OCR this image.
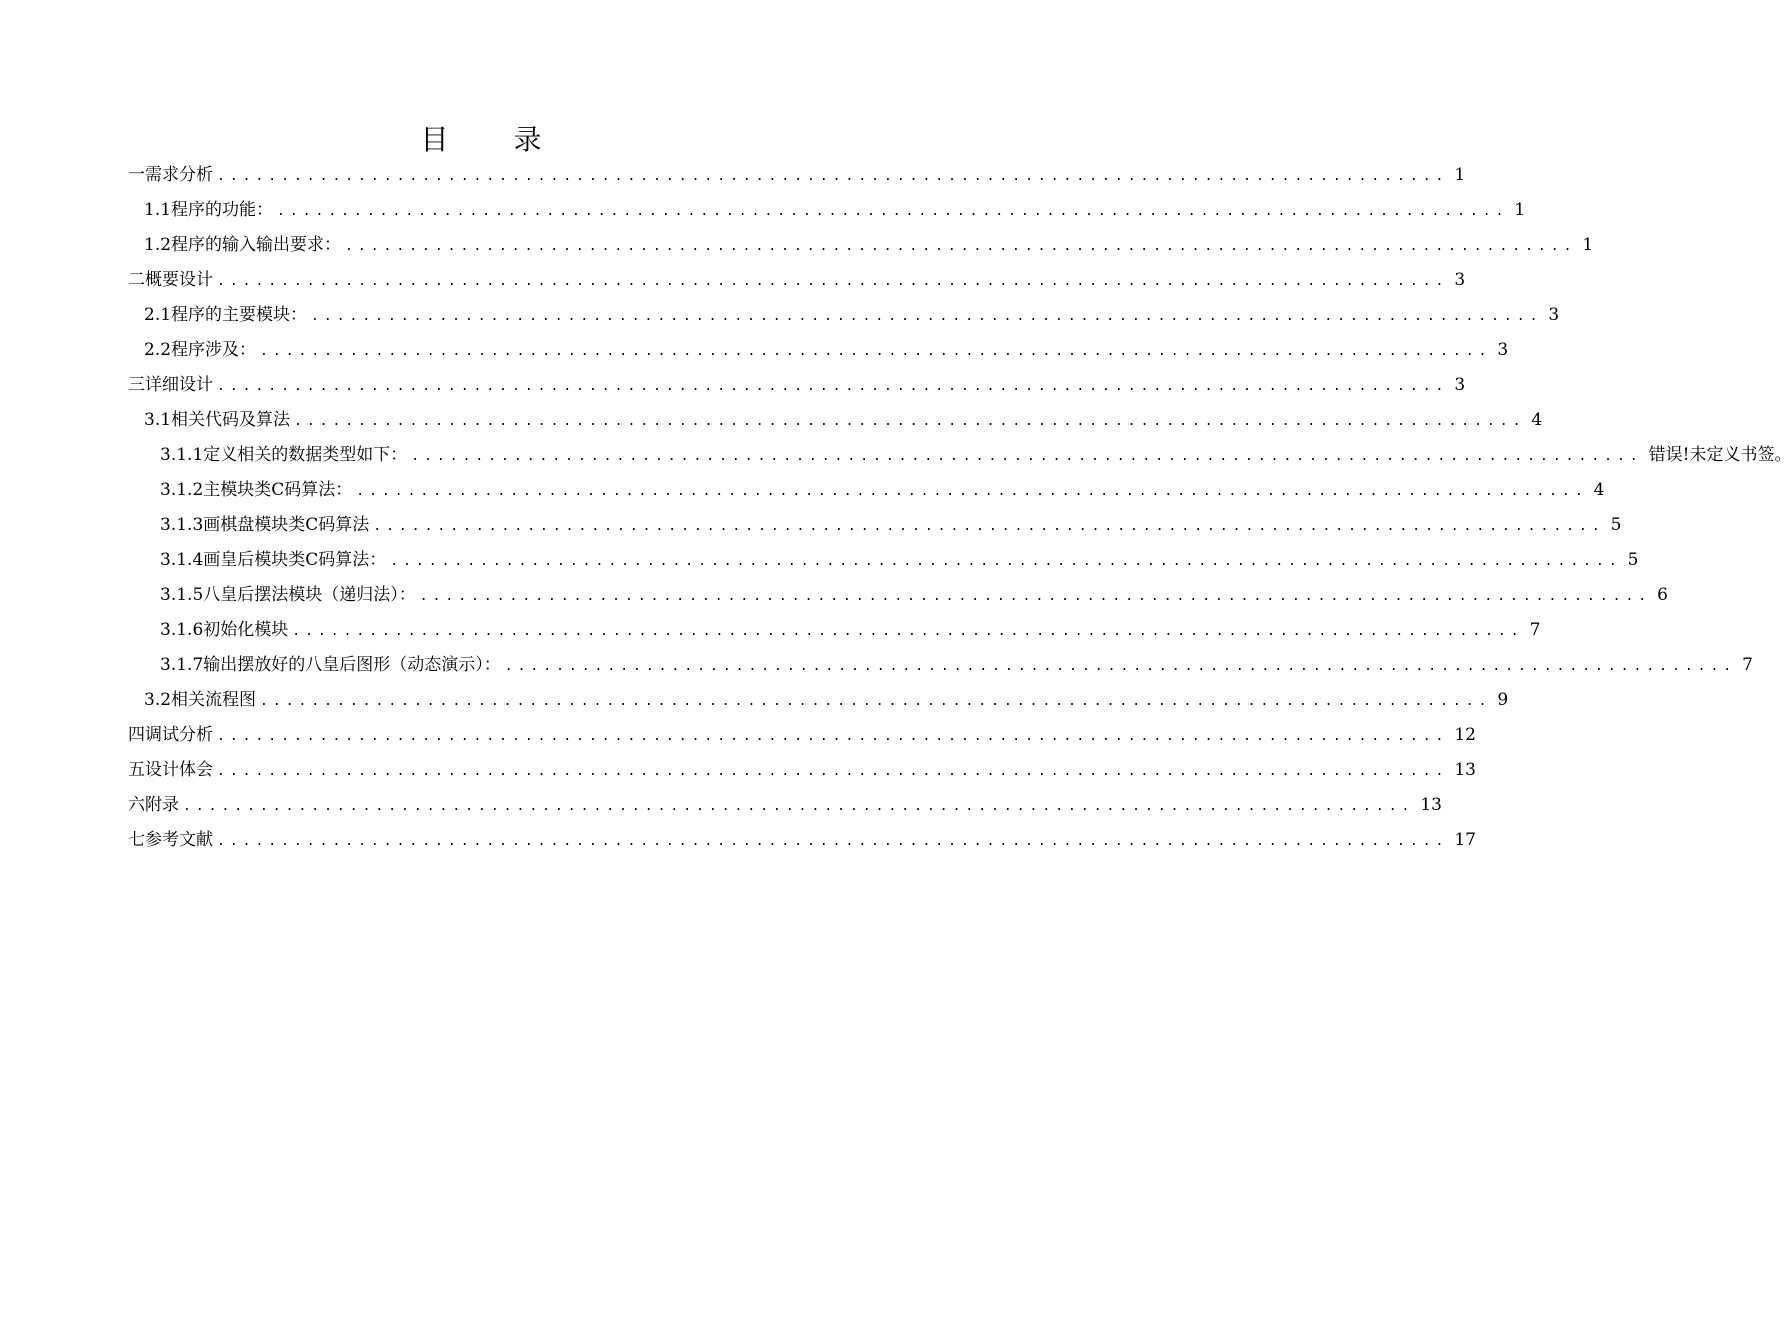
目 录
一 需求分析 ................................................................................................ 1
1.1 程序的功能： ................................................................................................ 1
1.2 程序的输入输出要求： ................................................................................................ 1
二 概要设计 ................................................................................................ 3
2.1 程序的主要模块： ................................................................................................ 3
2.2 程序涉及： ................................................................................................ 3
三 详细设计 ................................................................................................ 3
3.1 相关代码及算法 ................................................................................................ 4
3.1.1 定义相关的数据类型如下： ................................................................................................ 错误!未定义书签。
3.1.2 主模块类C码算法： ................................................................................................ 4
3.1.3 画棋盘模块类C码算法 ................................................................................................ 5
3.1.4 画皇后模块类C码算法： ................................................................................................ 5
3.1.5 八皇后摆法模块（递归法）： ................................................................................................ 6
3.1.6 初始化模块 ................................................................................................ 7
3.1.7 输出摆放好的八皇后图形（动态演示）： ................................................................................................ 7
3.2 相关流程图 ................................................................................................ 9
四 调试分析 ................................................................................................ 12
五 设计体会 ................................................................................................ 13
六 附录 ................................................................................................ 13
七 参考文献 ................................................................................................ 17
